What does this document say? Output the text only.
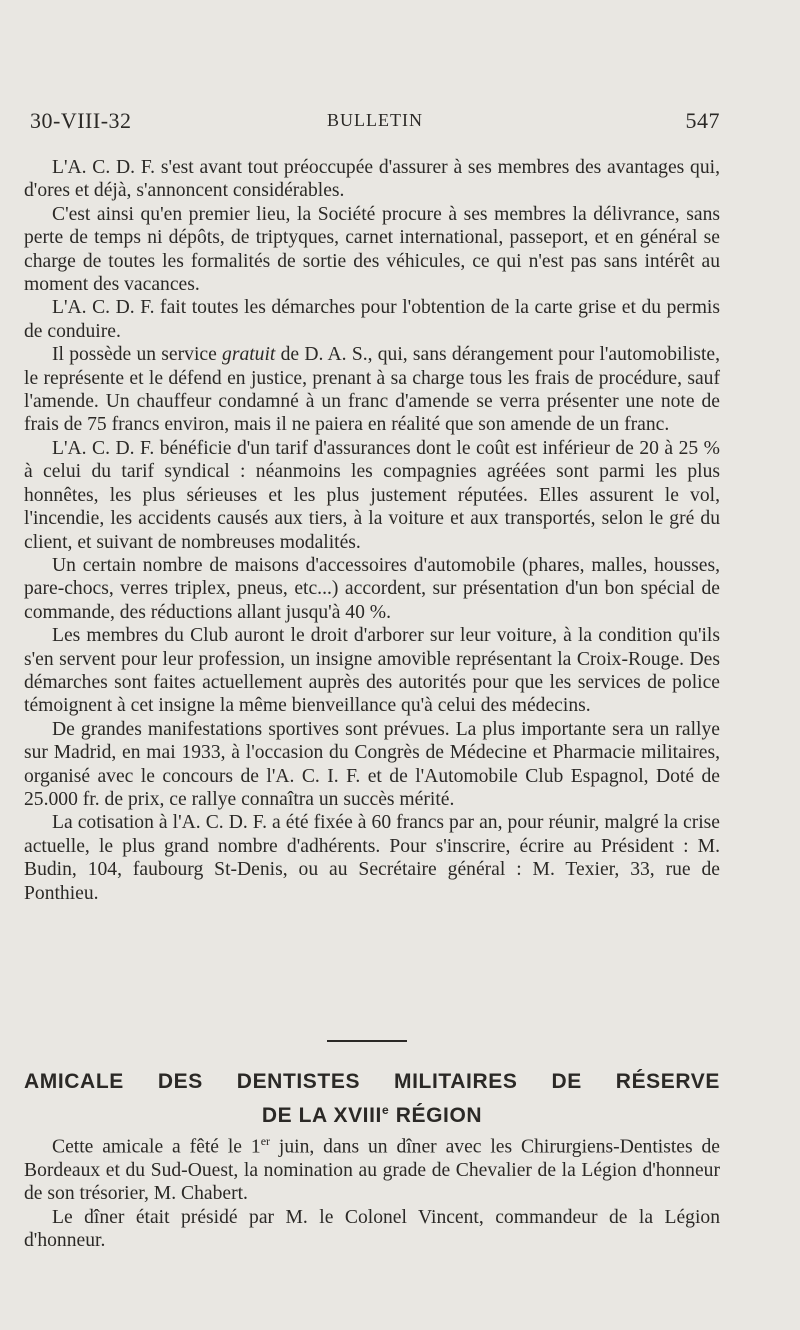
30-VIII-32	BULLETIN	547

L'A. C. D. F. s'est avant tout préoccupée d'assurer à ses membres des avantages qui, d'ores et déjà, s'annoncent considérables.

C'est ainsi qu'en premier lieu, la Société procure à ses membres la délivrance, sans perte de temps ni dépôts, de triptyques, carnet international, passeport, et en général se charge de toutes les formalités de sortie des véhicules, ce qui n'est pas sans intérêt au moment des vacances.

L'A. C. D. F. fait toutes les démarches pour l'obtention de la carte grise et du permis de conduire.

Il possède un service gratuit de D. A. S., qui, sans dérangement pour l'automobiliste, le représente et le défend en justice, prenant à sa charge tous les frais de procédure, sauf l'amende. Un chauffeur condamné à un franc d'amende se verra présenter une note de frais de 75 francs environ, mais il ne paiera en réalité que son amende de un franc.

L'A. C. D. F. bénéficie d'un tarif d'assurances dont le coût est inférieur de 20 à 25 % à celui du tarif syndical : néanmoins les compagnies agréées sont parmi les plus honnêtes, les plus sérieuses et les plus justement réputées. Elles assurent le vol, l'incendie, les accidents causés aux tiers, à la voiture et aux transportés, selon le gré du client, et suivant de nombreuses modalités.

Un certain nombre de maisons d'accessoires d'automobile (phares, malles, housses, pare-chocs, verres triplex, pneus, etc...) accordent, sur présentation d'un bon spécial de commande, des réductions allant jusqu'à 40 %.

Les membres du Club auront le droit d'arborer sur leur voiture, à la condition qu'ils s'en servent pour leur profession, un insigne amovible représentant la Croix-Rouge. Des démarches sont faites actuellement auprès des autorités pour que les services de police témoignent à cet insigne la même bienveillance qu'à celui des médecins.

De grandes manifestations sportives sont prévues. La plus importante sera un rallye sur Madrid, en mai 1933, à l'occasion du Congrès de Médecine et Pharmacie militaires, organisé avec le concours de l'A. C. I. F. et de l'Automobile Club Espagnol, Doté de 25.000 fr. de prix, ce rallye connaîtra un succès mérité.

La cotisation à l'A. C. D. F. a été fixée à 60 francs par an, pour réunir, malgré la crise actuelle, le plus grand nombre d'adhérents. Pour s'inscrire, écrire au Président : M. Budin, 104, faubourg St-Denis, ou au Secrétaire général : M. Texier, 33, rue de Ponthieu.

AMICALE DES DENTISTES MILITAIRES DE RÉSERVE
DE LA XVIIIe RÉGION

Cette amicale a fêté le 1er juin, dans un dîner avec les Chirurgiens-Dentistes de Bordeaux et du Sud-Ouest, la nomination au grade de Chevalier de la Légion d'honneur de son trésorier, M. Chabert.

Le dîner était présidé par M. le Colonel Vincent, commandeur de la Légion d'honneur.
